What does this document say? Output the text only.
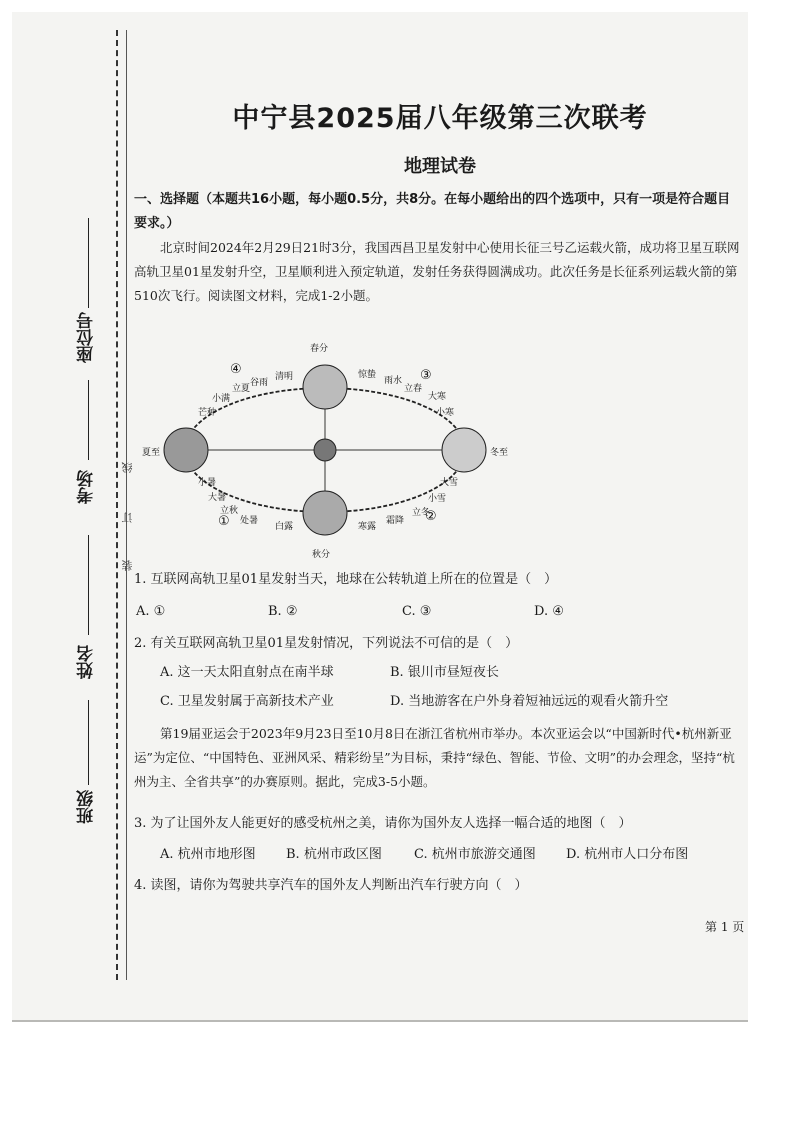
座位号
考场
姓名
班级
线
订
装
中宁县2025届八年级第三次联考
地理试卷
一、选择题（本题共16小题，每小题0.5分，共8分。在每小题给出的四个选项中，只有一项是符合题目要求。）
北京时间2024年2月29日21时3分，我国西昌卫星发射中心使用长征三号乙运载火箭，成功将卫星互联网高轨卫星01星发射升空，卫星顺利进入预定轨道，发射任务获得圆满成功。此次任务是长征系列运载火箭的第510次飞行。阅读图文材料，完成1-2小题。
春分
秋分
夏至	冬至
清明
谷雨
立夏
小满
芒种
小暑
大暑
立秋
处暑
白露	寒露
霜降
立冬
小雪
大雪
小寒
大寒
立春
雨水
惊蛰
①	②
③
④
1. 互联网高轨卫星01星发射当天，地球在公转轨道上所在的位置是（　）
A. ①	B. ②	C. ③	D. ④
2. 有关互联网高轨卫星01星发射情况，下列说法不可信的是（　）
A. 这一天太阳直射点在南半球	B. 银川市昼短夜长
C. 卫星发射属于高新技术产业	D. 当地游客在户外身着短袖远远的观看火箭升空
第19届亚运会于2023年9月23日至10月8日在浙江省杭州市举办。本次亚运会以“中国新时代•杭州新亚运”为定位、“中国特色、亚洲风采、精彩纷呈”为目标，秉持“绿色、智能、节俭、文明”的办会理念，坚持“杭州为主、全省共享”的办赛原则。据此，完成3-5小题。
3. 为了让国外友人能更好的感受杭州之美，请你为国外友人选择一幅合适的地图（　）
A. 杭州市地形图 B. 杭州市政区图 C. 杭州市旅游交通图 D. 杭州市人口分布图
4. 读图，请你为驾驶共享汽车的国外友人判断出汽车行驶方向（　）
第 1 页
